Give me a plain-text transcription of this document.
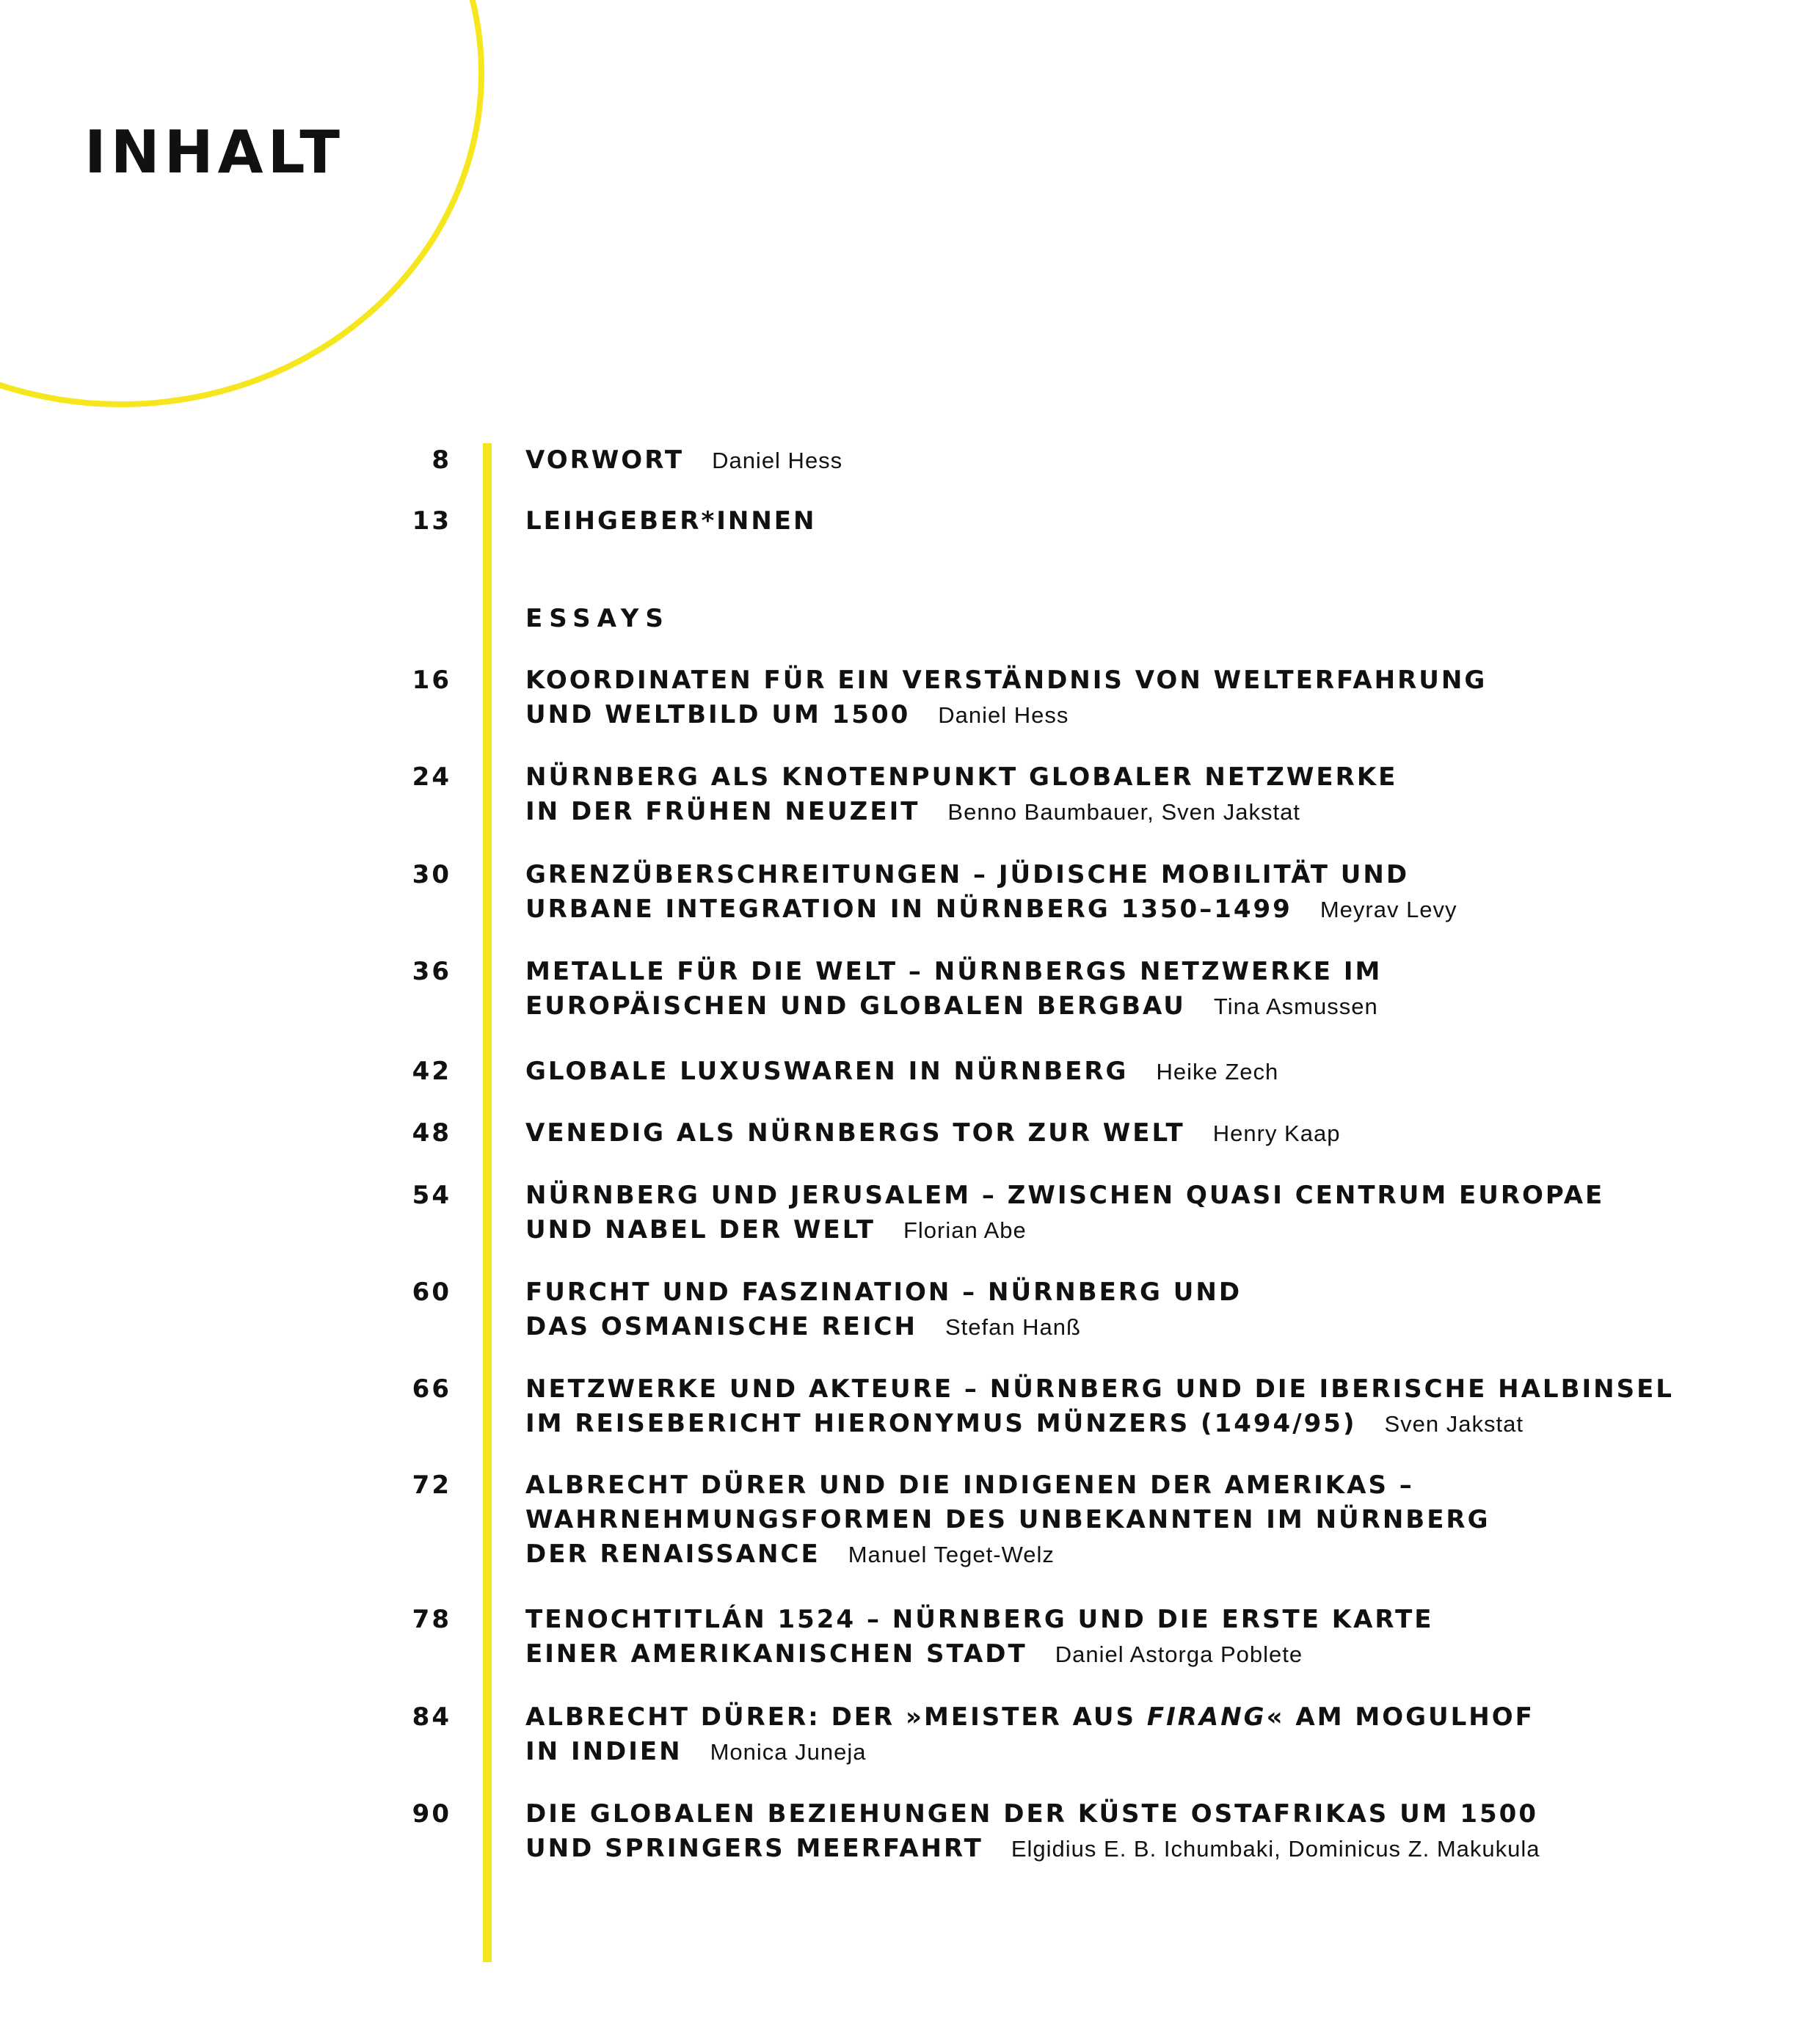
INHALT
8	VORWORT Daniel Hess

13	LEIHGEBER*INNEN

ESSAYS
16	KOORDINATEN FÜR EIN VERSTÄNDNIS VON WELTERFAHRUNG
UND WELTBILD UM 1500 Daniel Hess

24	NÜRNBERG ALS KNOTENPUNKT GLOBALER NETZWERKE
IN DER FRÜHEN NEUZEIT Benno Baumbauer, Sven Jakstat

30	GRENZÜBERSCHREITUNGEN – JÜDISCHE MOBILITÄT UND
URBANE INTEGRATION IN NÜRNBERG 1350–1499 Meyrav Levy

36	METALLE FÜR DIE WELT – NÜRNBERGS NETZWERKE IM
EUROPÄISCHEN UND GLOBALEN BERGBAU Tina Asmussen

42	GLOBALE LUXUSWAREN IN NÜRNBERG Heike Zech

48	VENEDIG ALS NÜRNBERGS TOR ZUR WELT Henry Kaap

54	NÜRNBERG UND JERUSALEM – ZWISCHEN QUASI CENTRUM EUROPAE
UND NABEL DER WELT Florian Abe

60	FURCHT UND FASZINATION – NÜRNBERG UND
DAS OSMANISCHE REICH Stefan Hanß

66	NETZWERKE UND AKTEURE – NÜRNBERG UND DIE IBERISCHE HALBINSEL
IM REISEBERICHT HIERONYMUS MÜNZERS (1494/95) Sven Jakstat

72	ALBRECHT DÜRER UND DIE INDIGENEN DER AMERIKAS –
WAHRNEHMUNGSFORMEN DES UNBEKANNTEN IM NÜRNBERG
DER RENAISSANCE Manuel Teget-Welz

78	TENOCHTITLÁN 1524 – NÜRNBERG UND DIE ERSTE KARTE
EINER AMERIKANISCHEN STADT Daniel Astorga Poblete

84	ALBRECHT DÜRER: DER »MEISTER AUS FIRANG« AM MOGULHOF
IN INDIEN Monica Juneja

90	DIE GLOBALEN BEZIEHUNGEN DER KÜSTE OSTAFRIKAS UM 1500
UND SPRINGERS MEERFAHRT Elgidius E. B. Ichumbaki, Dominicus Z. Makukula
